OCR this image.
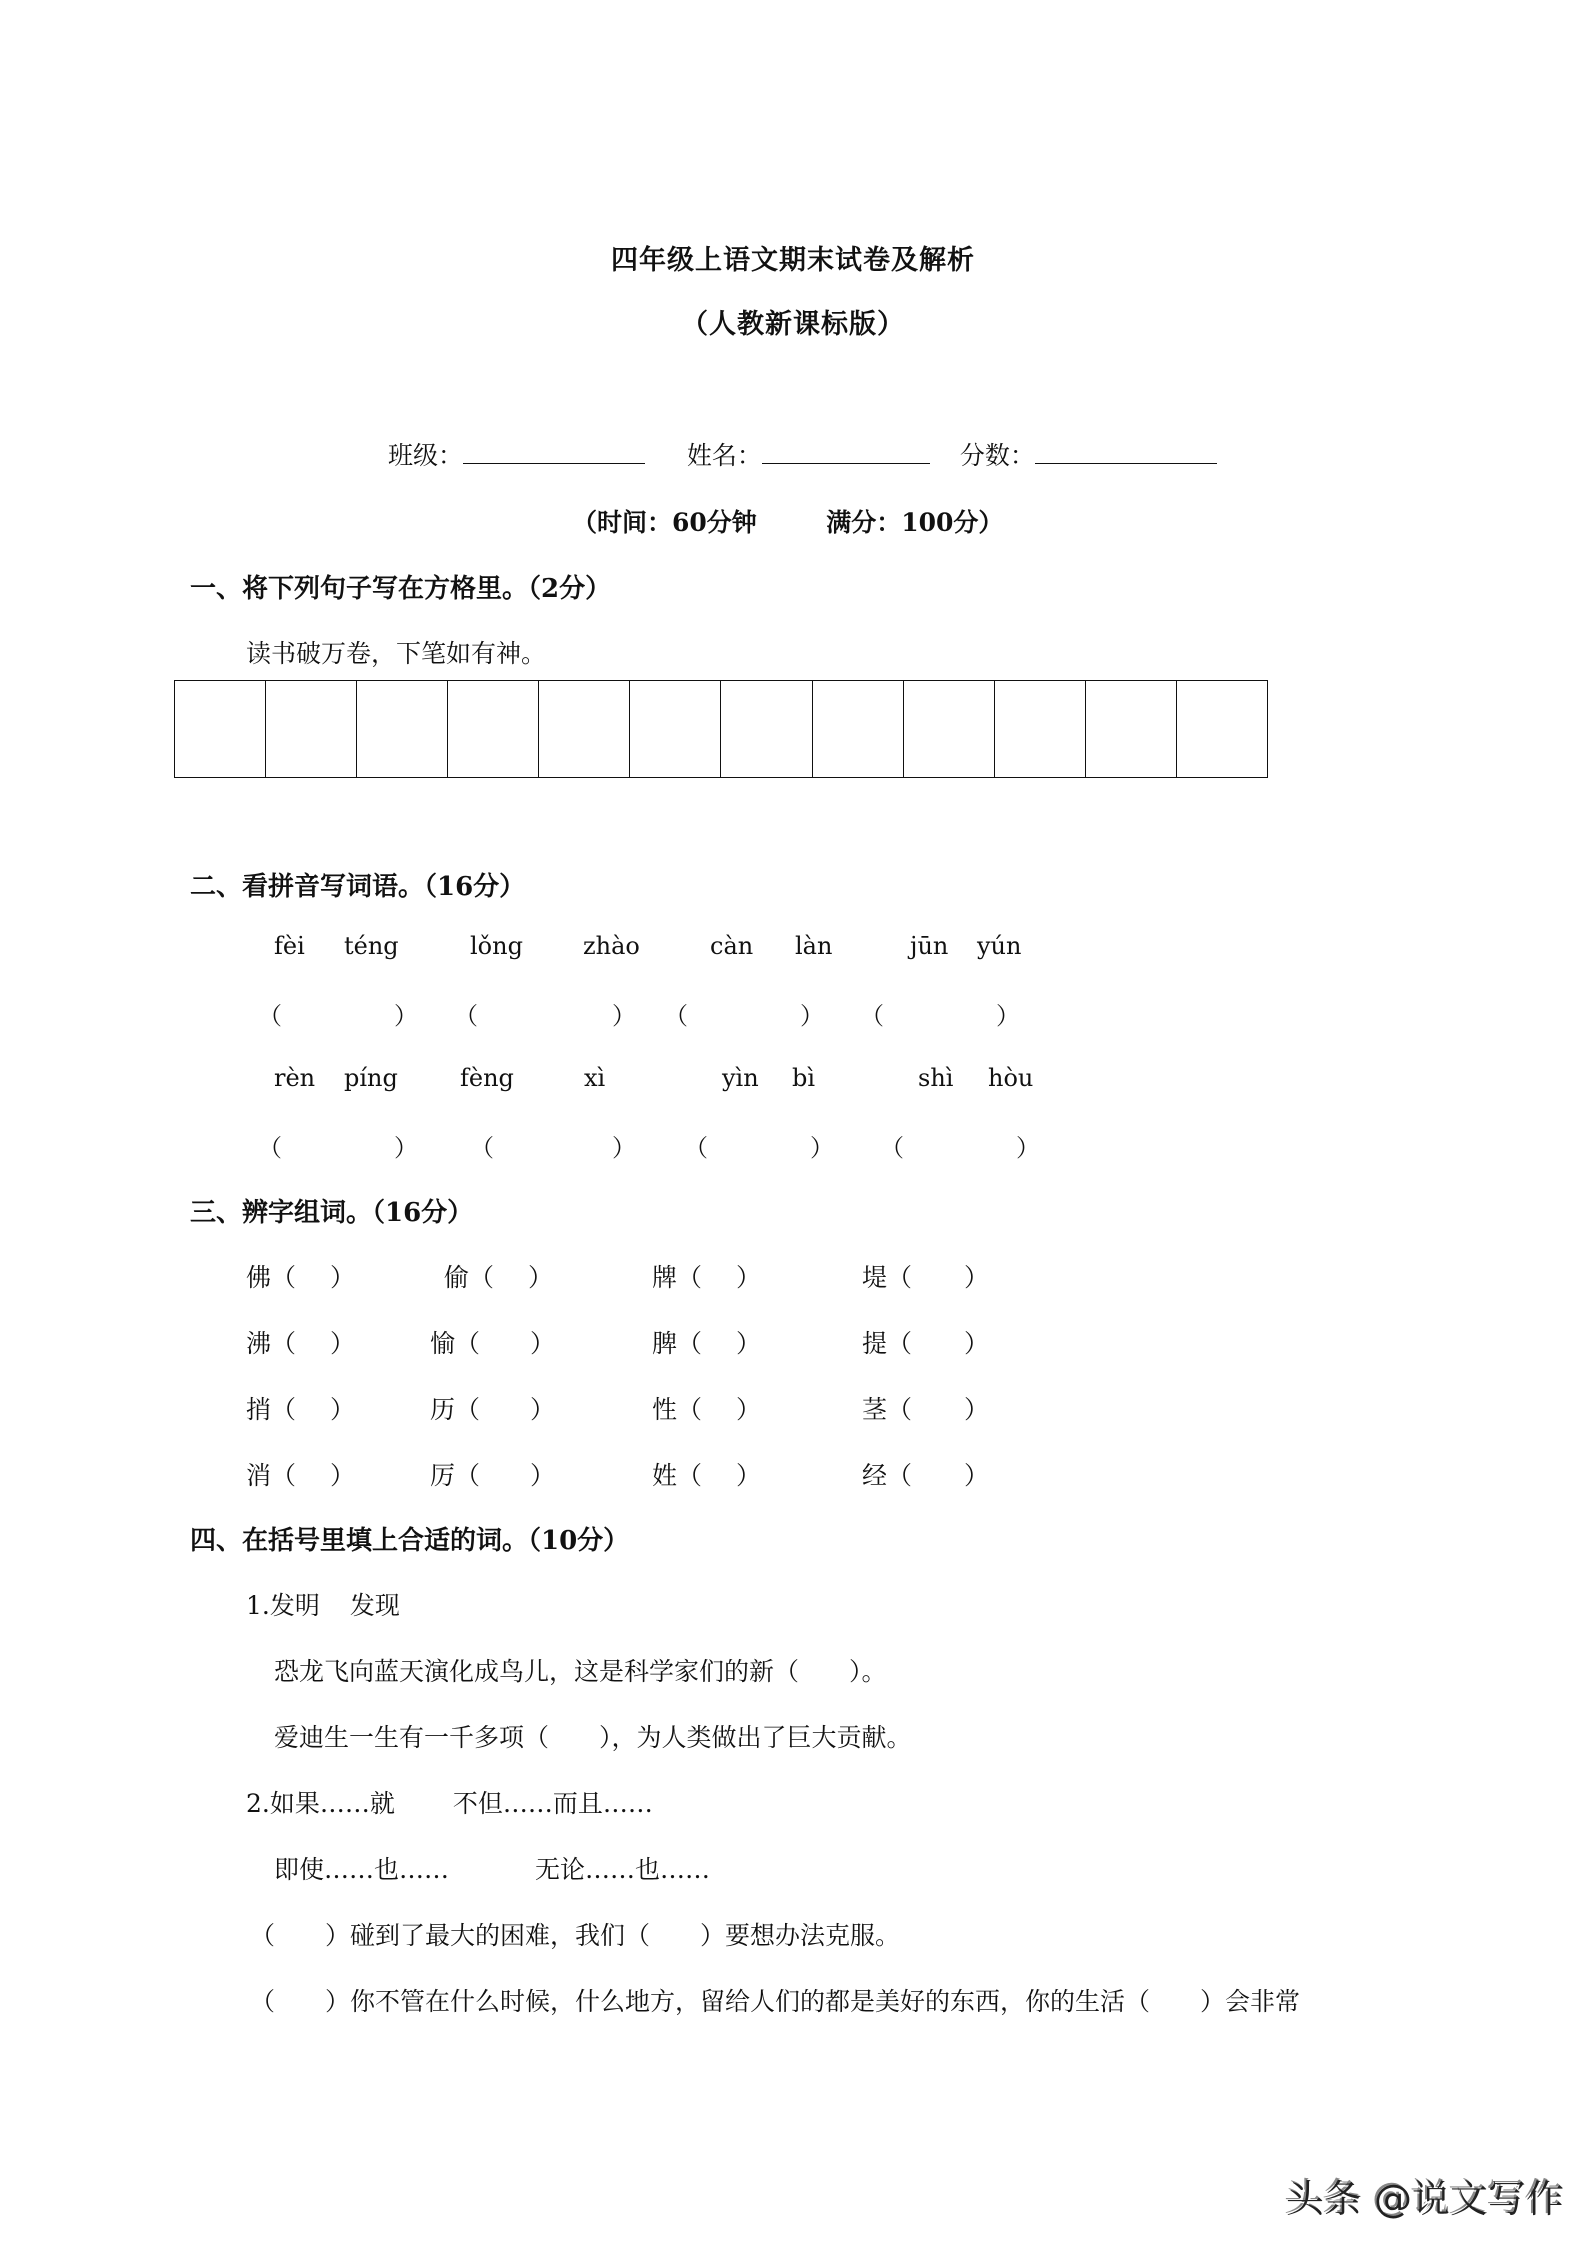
四年级上语文期末试卷及解析
（人教新课标版）
班级：	姓名：	分数：
（时间：60分钟	满分：100分）
一、将下列句子写在方格里。（2分）
读书破万卷，下笔如有神。
二、看拼音写词语。（16分）
fèi téng	lǒng	zhào	càn làn	jūn yún
（	） （	） （	） （	）
rèn píng	fèng	xì	yìn bì	shì hòu
（	） （	） （	） （	）
三、辨字组词。（16分）
佛（ ）	偷（ ）	牌（ ）	堤（ ）
沸（ ）	愉（ ）	脾（ ）	提（ ）
捎（ ）	历（ ）	性（ ）	茎（ ）
消（ ）	厉（ ）	姓（ ）	经（ ）
四、在括号里填上合适的词。（10分）
1.发明 发现
恐龙飞向蓝天演化成鸟儿，这是科学家们的新（　　）。
爱迪生一生有一千多项（　　），为人类做出了巨大贡献。
2.如果……就 不但……而且……
即使……也……	无论……也……
（　　）碰到了最大的困难，我们（　　）要想办法克服。
（　　）你不管在什么时候，什么地方，留给人们的都是美好的东西，你的生活（　　）会非常
头条 @说文写作
